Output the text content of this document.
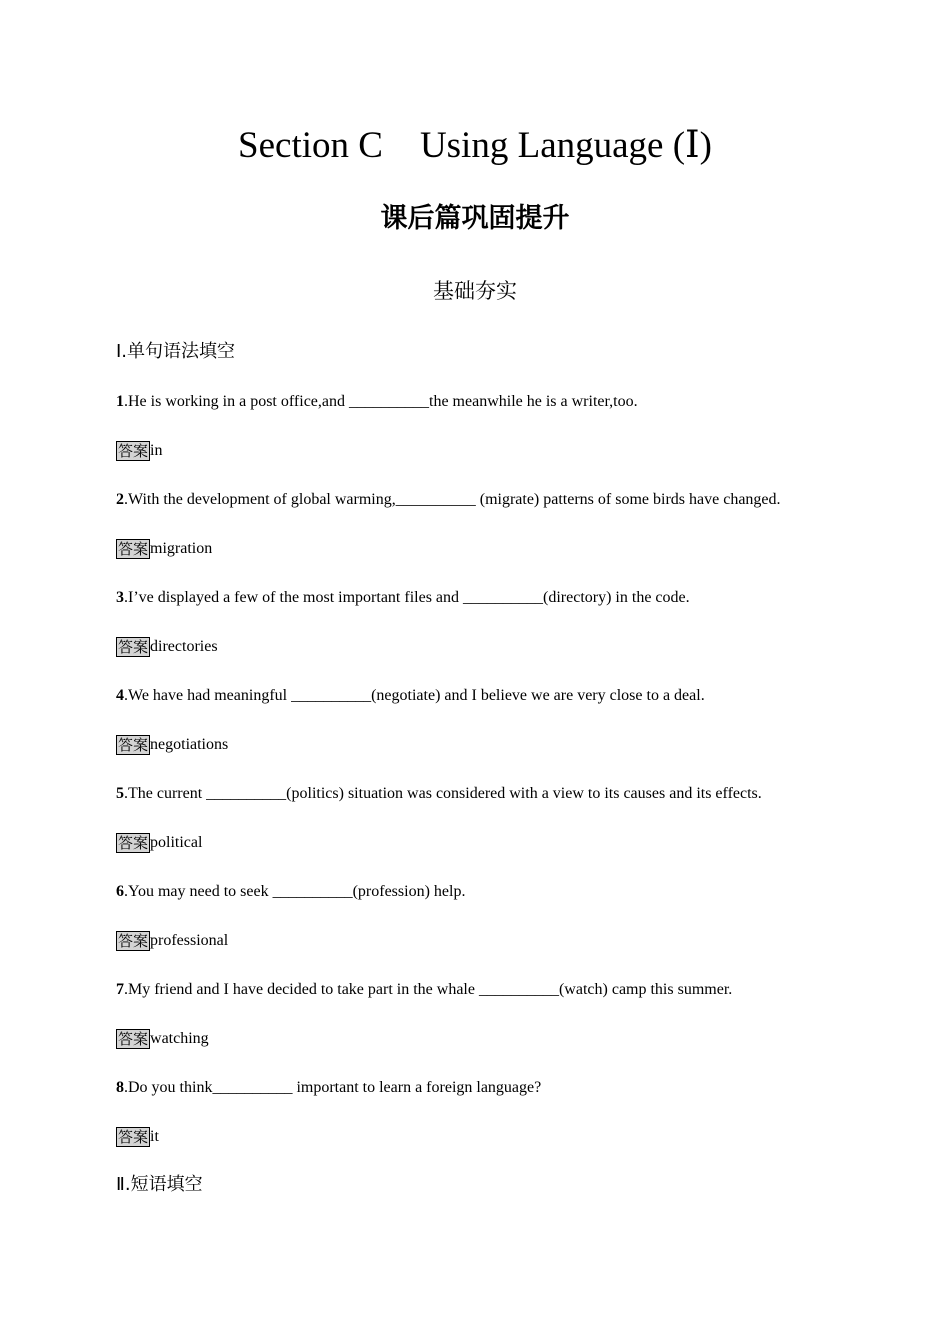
Section C    Using Language (Ⅰ)
课后篇巩固提升
基础夯实
Ⅰ.单句语法填空
1.He is working in a post office,and __________the meanwhile he is a writer,too.
答案 in
2.With the development of global warming,__________ (migrate) patterns of some birds have changed.
答案 migration
3.I’ve displayed a few of the most important files and __________(directory) in the code.
答案 directories
4.We have had meaningful __________(negotiate) and I believe we are very close to a deal.
答案 negotiations
5.The current __________(politics) situation was considered with a view to its causes and its effects.
答案 political
6.You may need to seek __________(profession) help.
答案 professional
7.My friend and I have decided to take part in the whale __________(watch) camp this summer.
答案 watching
8.Do you think__________ important to learn a foreign language?
答案 it
Ⅱ.短语填空
